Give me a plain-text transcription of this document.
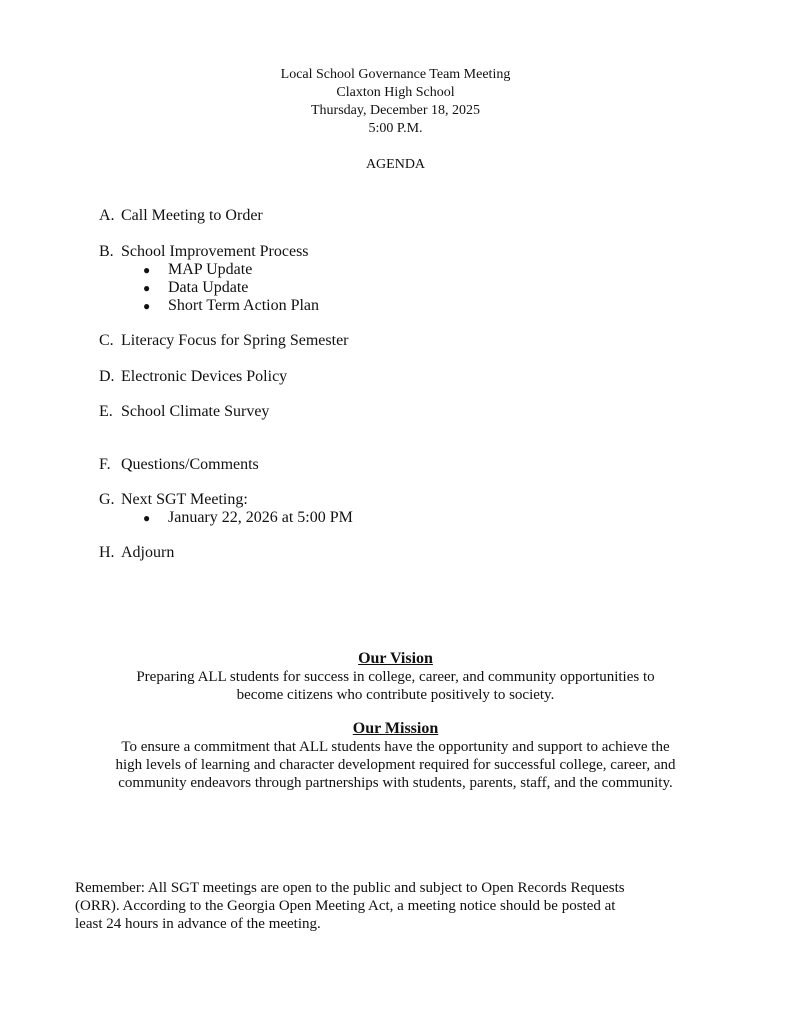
Local School Governance Team Meeting
Claxton High School
Thursday, December 18, 2025
5:00 P.M.
AGENDA
A. Call Meeting to Order
B. School Improvement Process
● MAP Update
● Data Update
● Short Term Action Plan
C. Literacy Focus for Spring Semester
D. Electronic Devices Policy
E. School Climate Survey
F. Questions/Comments
G. Next SGT Meeting:
● January 22, 2026 at 5:00 PM
H. Adjourn
Our Vision
Preparing ALL students for success in college, career, and community opportunities to
become citizens who contribute positively to society.
Our Mission
To ensure a commitment that ALL students have the opportunity and support to achieve the
high levels of learning and character development required for successful college, career, and
community endeavors through partnerships with students, parents, staff, and the community.
Remember: All SGT meetings are open to the public and subject to Open Records Requests
(ORR). According to the Georgia Open Meeting Act, a meeting notice should be posted at
least 24 hours in advance of the meeting.
